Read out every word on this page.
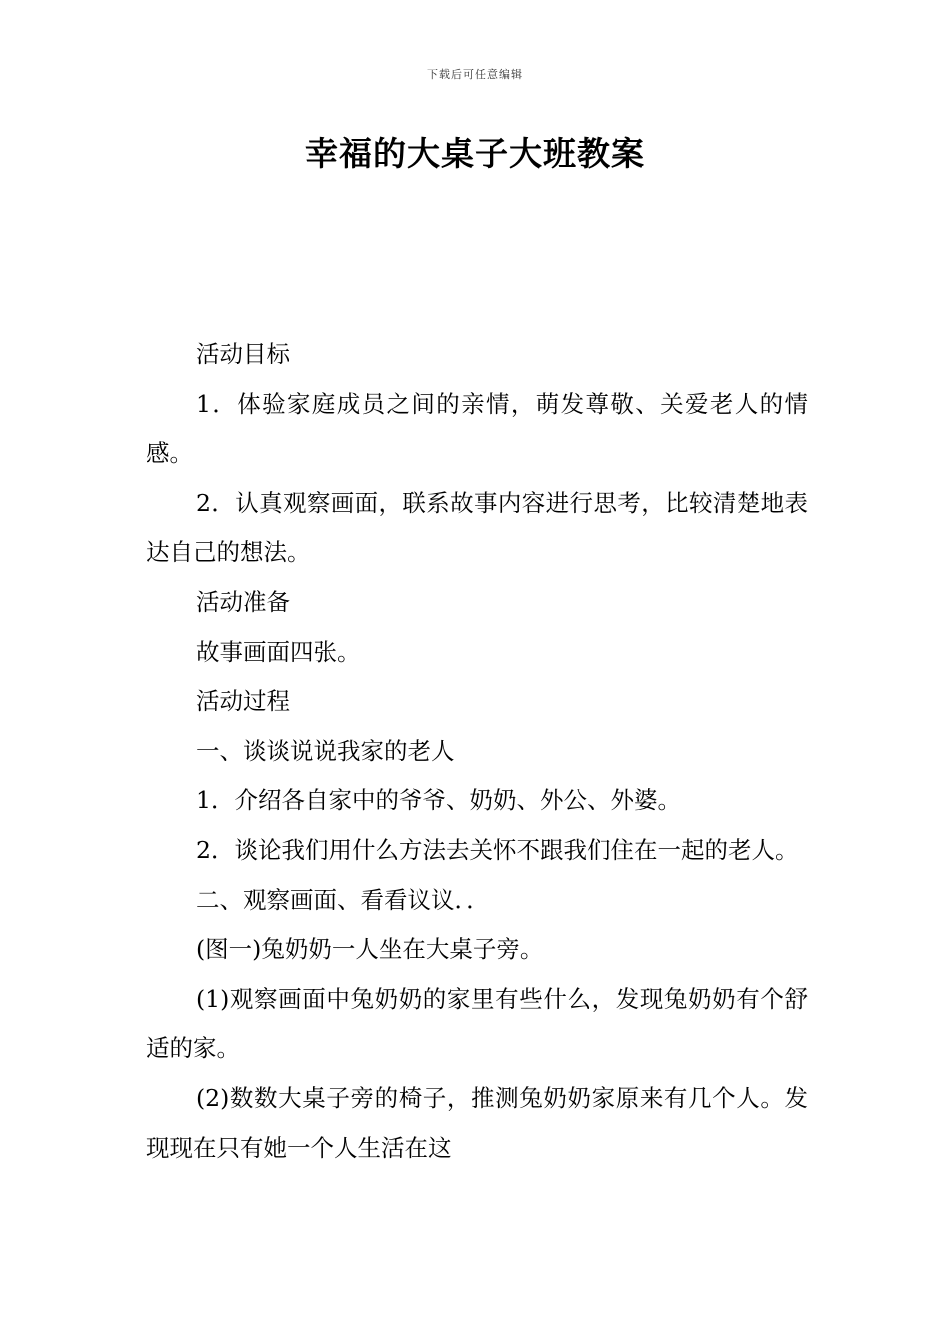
下载后可任意编辑
幸福的大桌子大班教案

活动目标

1．体验家庭成员之间的亲情，萌发尊敬、关爱老人的情感。

2．认真观察画面，联系故事内容进行思考，比较清楚地表达自己的想法。

活动准备

故事画面四张。

活动过程

一、谈谈说说我家的老人

1．介绍各自家中的爷爷、奶奶、外公、外婆。

2．谈论我们用什么方法去关怀不跟我们住在一起的老人。

二、观察画面、看看议议．．

(图一)兔奶奶一人坐在大桌子旁。

(1)观察画面中兔奶奶的家里有些什么，发现兔奶奶有个舒适的家。

(2)数数大桌子旁的椅子，推测兔奶奶家原来有几个人。发现现在只有她一个人生活在这
